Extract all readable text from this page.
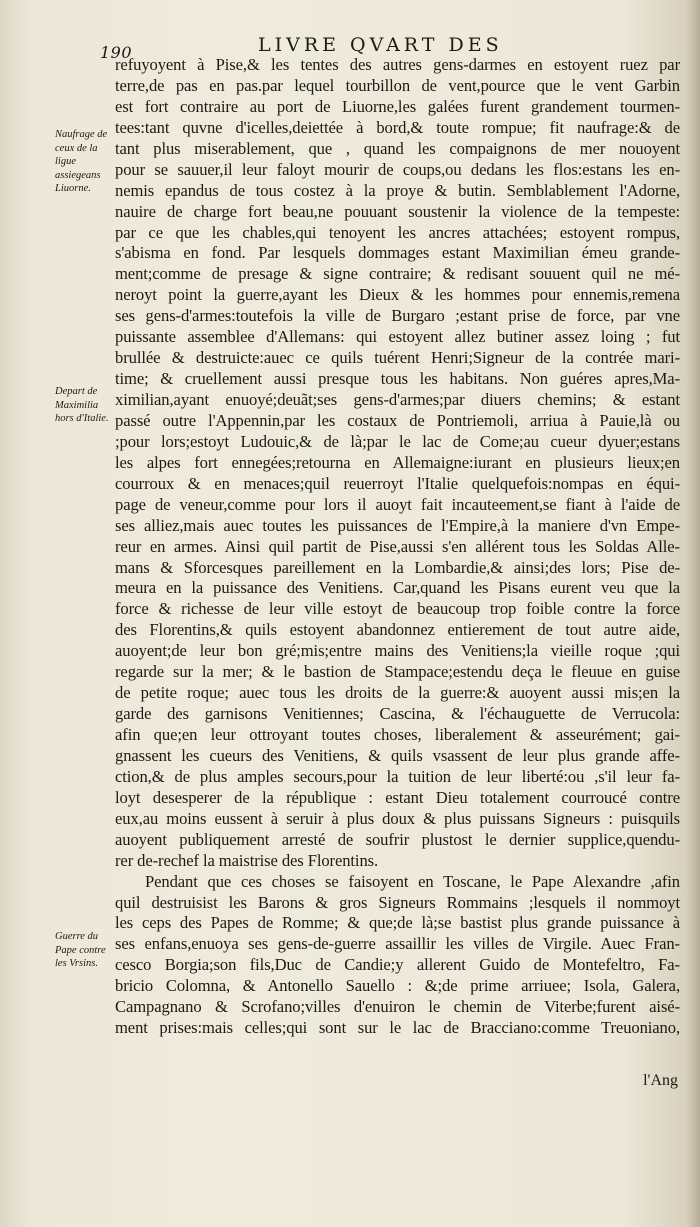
190	LIVRE QVART DES
Naufrage de ceux de la ligue assiegeans Liuorne.
Depart de Maximilia hors d'Italie.
Guerre du Pape contre les Vrsins.
refuyoyent à Pise,& les tentes des autres gens-darmes en estoyent ruez par
terre,de pas en pas.par lequel tourbillon de vent,pource que le vent Garbin
est fort contraire au port de Liuorne,les galées furent grandement tourmen-
tees:tant quvne d'icelles,deiettée à bord,& toute rompue; fit naufrage:& de
tant plus miserablement, que , quand les compaignons de mer nouoyent
pour se sauuer,il leur faloyt mourir de coups,ou dedans les flos:estans les en-
nemis epandus de tous costez à la proye & butin. Semblablement l'Adorne,
nauire de charge fort beau,ne pouuant soustenir la violence de la tempeste:
par ce que les chables,qui tenoyent les ancres attachées; estoyent rompus,
s'abisma en fond. Par lesquels dommages estant Maximilian émeu grande-
ment;comme de presage & signe contraire; & redisant souuent quil ne mé-
neroyt point la guerre,ayant les Dieux & les hommes pour ennemis,remena
ses gens-d'armes:toutefois la ville de Burgaro ;estant prise de force, par vne
puissante assemblee d'Allemans: qui estoyent allez butiner assez loing ; fut
brullée & destruicte:auec ce quils tuérent Henri;Signeur de la contrée mari-
time; & cruellement aussi presque tous les habitans. Non guéres apres,Ma-
ximilian,ayant enuoyé;deuãt;ses gens-d'armes;par diuers chemins; & estant
passé outre l'Appennin,par les costaux de Pontriemoli, arriua à Pauie,là ou
;pour lors;estoyt Ludouic,& de là;par le lac de Come;au cueur dyuer;estans
les alpes fort ennegées;retourna en Allemaigne:iurant en plusieurs lieux;en
courroux & en menaces;quil reuerroyt l'Italie quelquefois:nompas en équi-
page de veneur,comme pour lors il auoyt fait incauteement,se fiant à l'aide de
ses alliez,mais auec toutes les puissances de l'Empire,à la maniere d'vn Empe-
reur en armes. Ainsi quil partit de Pise,aussi s'en allérent tous les Soldas Alle-
mans & Sforcesques pareillement en la Lombardie,& ainsi;des lors; Pise de-
meura en la puissance des Venitiens. Car,quand les Pisans eurent veu que la
force & richesse de leur ville estoyt de beaucoup trop foible contre la force
des Florentins,& quils estoyent abandonnez entierement de tout autre aide,
auoyent;de leur bon gré;mis;entre mains des Venitiens;la vieille roque ;qui
regarde sur la mer; & le bastion de Stampace;estendu deça le fleuue en guise
de petite roque; auec tous les droits de la guerre:& auoyent aussi mis;en la
garde des garnisons Venitiennes; Cascina, & l'échauguette de Verrucola:
afin que;en leur ottroyant toutes choses, liberalement & asseurément; gai-
gnassent les cueurs des Venitiens, & quils vsassent de leur plus grande affe-
ction,& de plus amples secours,pour la tuition de leur liberté:ou ,s'il leur fa-
loyt desesperer de la république : estant Dieu totalement courroucé contre
eux,au moins eussent à seruir à plus doux & plus puissans Signeurs : puisquils
auoyent publiquement arresté de soufrir plustost le dernier supplice,quendu-
rer de-rechef la maistrise des Florentins.
Pendant que ces choses se faisoyent en Toscane, le Pape Alexandre ,afin
quil destruisist les Barons & gros Signeurs Rommains ;lesquels il nommoyt
les ceps des Papes de Romme; & que;de là;se bastist plus grande puissance à
ses enfans,enuoya ses gens-de-guerre assaillir les villes de Virgile. Auec Fran-
cesco Borgia;son fils,Duc de Candie;y allerent Guido de Montefeltro, Fa-
bricio Colomna, & Antonello Sauello : &;de prime arriuee; Isola, Galera,
Campagnano & Scrofano;villes d'enuiron le chemin de Viterbe;furent aisé-
ment prises:mais celles;qui sont sur le lac de Bracciano:comme Treuoniano,
l'Ang
